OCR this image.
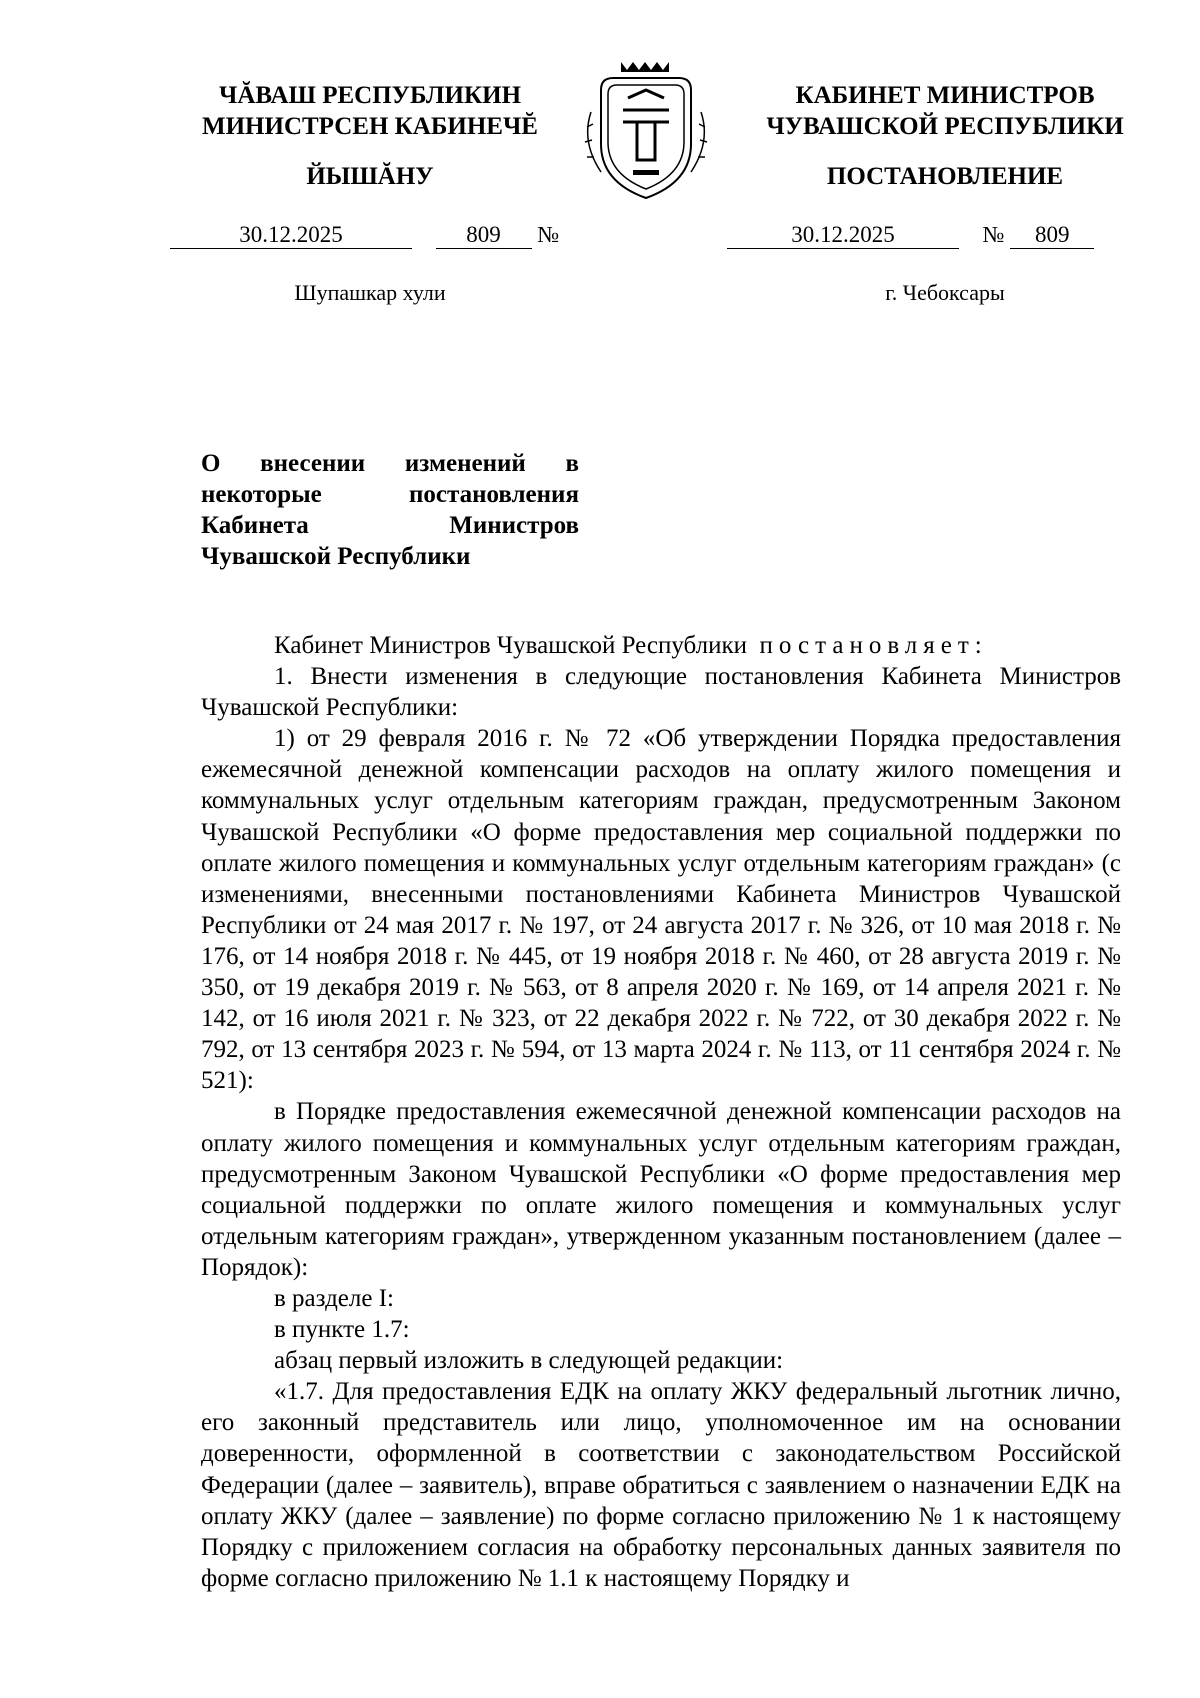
ЧĂВАШ РЕСПУБЛИКИН
МИНИСТРСЕН КАБИНЕЧĔ
ЙЫШĂНУ
КАБИНЕТ МИНИСТРОВ
ЧУВАШСКОЙ РЕСПУБЛИКИ
ПОСТАНОВЛЕНИЕ
30.12.2025	809 №	30.12.2025	№ 809
Шупашкар хули	г. Чебоксары
О внесении изменений в некоторые постановления Кабинета Министров Чувашской Республики

Кабинет Министров Чувашской Республики постановляет:

1. Внести изменения в следующие постановления Кабинета Министров Чувашской Республики:

1) от 29 февраля 2016 г. № 72 «Об утверждении Порядка предоставления ежемесячной денежной компенсации расходов на оплату жилого помещения и коммунальных услуг отдельным категориям граждан, предусмотренным Законом Чувашской Республики «О форме предоставления мер социальной поддержки по оплате жилого помещения и коммунальных услуг отдельным категориям граждан» (с изменениями, внесенными постановлениями Кабинета Министров Чувашской Республики от 24 мая 2017 г. № 197, от 24 августа 2017 г. № 326, от 10 мая 2018 г. № 176, от 14 ноября 2018 г. № 445, от 19 ноября 2018 г. № 460, от 28 августа 2019 г. № 350, от 19 декабря 2019 г. № 563, от 8 апреля 2020 г. № 169, от 14 апреля 2021 г. № 142, от 16 июля 2021 г. № 323, от 22 декабря 2022 г. № 722, от 30 декабря 2022 г. № 792, от 13 сентября 2023 г. № 594, от 13 марта 2024 г. № 113, от 11 сентября 2024 г. № 521):

в Порядке предоставления ежемесячной денежной компенсации расходов на оплату жилого помещения и коммунальных услуг отдельным категориям граждан, предусмотренным Законом Чувашской Республики «О форме предоставления мер социальной поддержки по оплате жилого помещения и коммунальных услуг отдельным категориям граждан», утвержденном указанным постановлением (далее – Порядок):

в разделе I:

в пункте 1.7:

абзац первый изложить в следующей редакции:

«1.7. Для предоставления ЕДК на оплату ЖКУ федеральный льготник лично, его законный представитель или лицо, уполномоченное им на основании доверенности, оформленной в соответствии с законодательством Российской Федерации (далее – заявитель), вправе обратиться с заявлением о назначении ЕДК на оплату ЖКУ (далее – заявление) по форме согласно приложению № 1 к настоящему Порядку с приложением согласия на обработку персональных данных заявителя по форме согласно приложению № 1.1 к настоящему Порядку и
